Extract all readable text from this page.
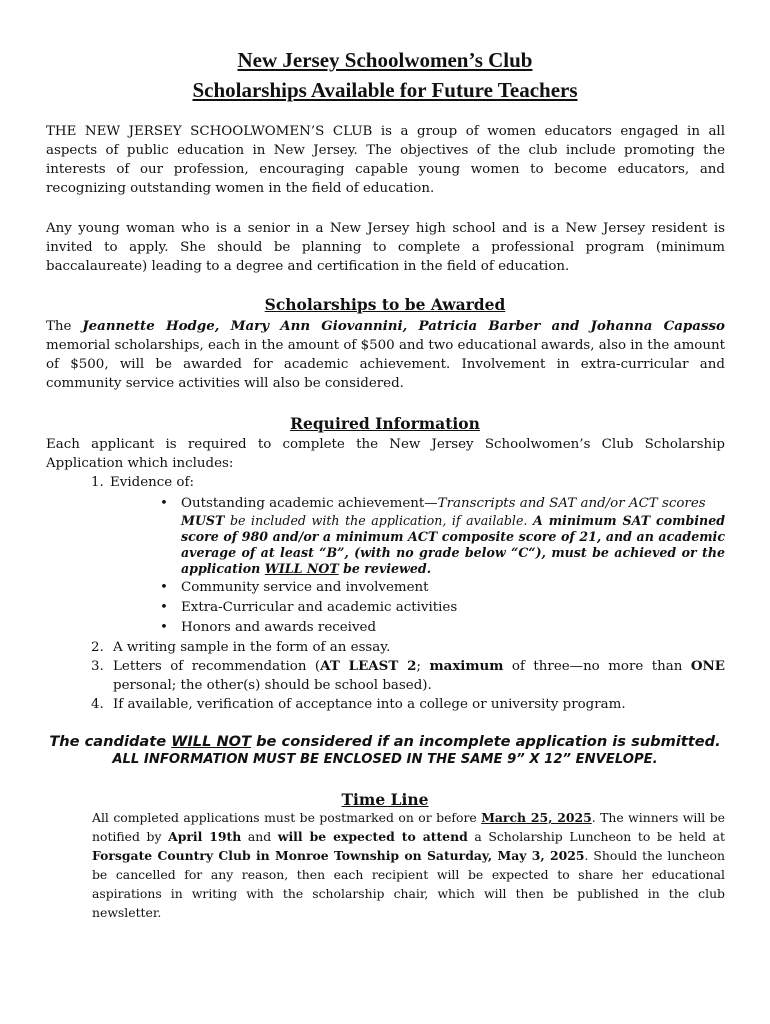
New Jersey Schoolwomen’s Club
Scholarships Available for Future Teachers

THE NEW JERSEY SCHOOLWOMEN’S CLUB is a group of women educators engaged in all aspects of public education in New Jersey. The objectives of the club include promoting the interests of our profession, encouraging capable young women to become educators, and recognizing outstanding women in the field of education.

Any young woman who is a senior in a New Jersey high school and is a New Jersey resident is invited to apply. She should be planning to complete a professional program (minimum baccalaureate) leading to a degree and certification in the field of education.

Scholarships to be Awarded

The Jeannette Hodge, Mary Ann Giovannini, Patricia Barber and Johanna Capasso memorial scholarships, each in the amount of $500 and two educational awards, also in the amount of $500, will be awarded for academic achievement. Involvement in extra-curricular and community service activities will also be considered.

Required Information

Each applicant is required to complete the New Jersey Schoolwomen’s Club Scholarship Application which includes:

1. Evidence of:
• Outstanding academic achievement—Transcripts and SAT and/or ACT scores
MUST be included with the application, if available. A minimum SAT combined score of 980 and/or a minimum ACT composite score of 21, and an academic average of at least “B”, (with no grade below “C“), must be achieved or the application WILL NOT be reviewed.
• Community service and involvement
• Extra-Curricular and academic activities
• Honors and awards received
2. A writing sample in the form of an essay.
3. Letters of recommendation (AT LEAST 2; maximum of three—no more than ONE personal; the other(s) should be school based).
4. If available, verification of acceptance into a college or university program.
The candidate WILL NOT be considered if an incomplete application is submitted.
ALL INFORMATION MUST BE ENCLOSED IN THE SAME 9” X 12” ENVELOPE.
Time Line

All completed applications must be postmarked on or before March 25, 2025. The winners will be notified by April 19th and will be expected to attend a Scholarship Luncheon to be held at Forsgate Country Club in Monroe Township on Saturday, May 3, 2025. Should the luncheon be cancelled for any reason, then each recipient will be expected to share her educational aspirations in writing with the scholarship chair, which will then be published in the club newsletter.
